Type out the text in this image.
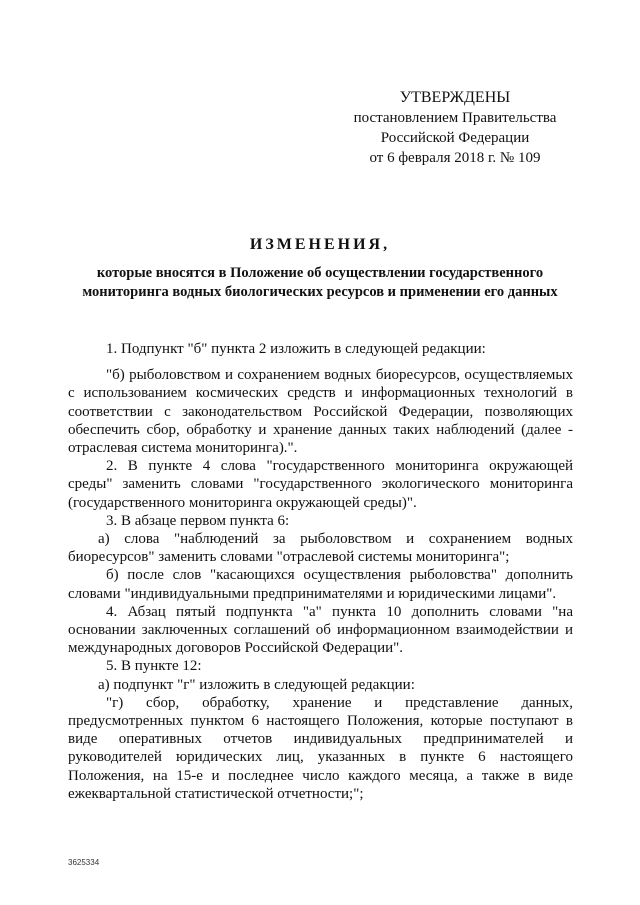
УТВЕРЖДЕНЫ
постановлением Правительства
Российской Федерации
от 6 февраля 2018 г. № 109
ИЗМЕНЕНИЯ,
которые вносятся в Положение об осуществлении государственного мониторинга водных биологических ресурсов и применении его данных

1. Подпункт "б" пункта 2 изложить в следующей редакции:

"б) рыболовством и сохранением водных биоресурсов, осуществляемых с использованием космических средств и информационных технологий в соответствии с законодательством Российской Федерации, позволяющих обеспечить сбор, обработку и хранение данных таких наблюдений (далее - отраслевая система мониторинга).".

2. В пункте 4 слова "государственного мониторинга окружающей среды" заменить словами "государственного экологического мониторинга (государственного мониторинга окружающей среды)".

3. В абзаце первом пункта 6:

а) слова "наблюдений за рыболовством и сохранением водных биоресурсов" заменить словами "отраслевой системы мониторинга";

б) после слов "касающихся осуществления рыболовства" дополнить словами "индивидуальными предпринимателями и юридическими лицами".

4. Абзац пятый подпункта "а" пункта 10 дополнить словами "на основании заключенных соглашений об информационном взаимодействии и международных договоров Российской Федерации".

5. В пункте 12:

а) подпункт "г" изложить в следующей редакции:

"г) сбор, обработку, хранение и представление данных, предусмотренных пунктом 6 настоящего Положения, которые поступают в виде оперативных отчетов индивидуальных предпринимателей и руководителей юридических лиц, указанных в пункте 6 настоящего Положения, на 15-е и последнее число каждого месяца, а также в виде ежеквартальной статистической отчетности;";

3625334
